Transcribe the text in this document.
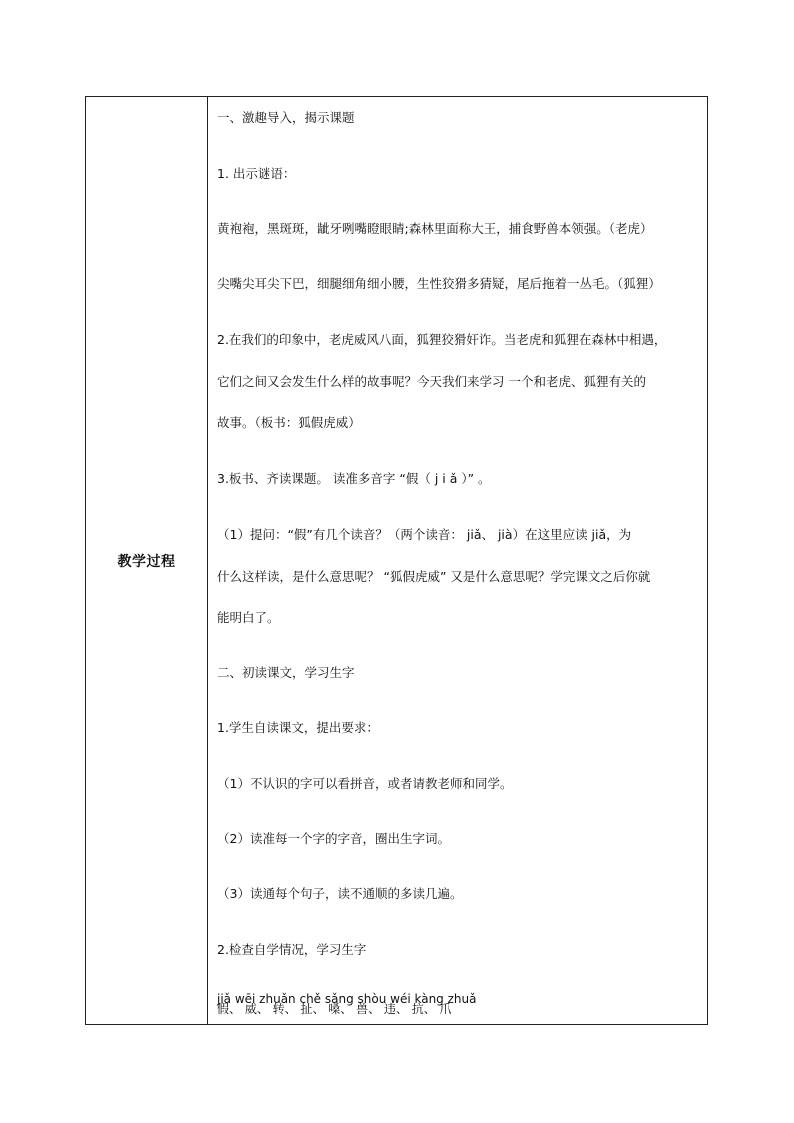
教学过程
一、激趣导入，揭示课题
1. 出示谜语：
黄袍袍，黑斑斑，龇牙咧嘴瞪眼睛;森林里面称大王，捕食野兽本领强。（老虎）
尖嘴尖耳尖下巴，细腿细角细小腰，生性狡猾多猜疑，尾后拖着一丛毛。（狐狸）
2.在我们的印象中，老虎威风八面，狐狸狡猾奸诈。当老虎和狐狸在森林中相遇，
它们之间又会发生什么样的故事呢？今天我们来学习 一个和老虎、狐狸有关的
故事。（板书：狐假虎威）
3.板书、齐读课题。 读准多音字 “假（ j i ǎ ）” 。
（1）提问：“假”有几个读音？（两个读音： jiǎ、 jià）在这里应读 jiǎ，为
什么这样读，是什么意思呢？ “狐假虎威” 又是什么意思呢？学完课文之后你就
能明白了。
二、初读课文，学习生字
1.学生自读课文，提出要求：
（1）不认识的字可以看拼音，或者请教老师和同学。
（2）读准每一个字的字音，圈出生字词。
（3）读通每个句子，读不通顺的多读几遍。
2.检查自学情况，学习生字
jiǎ wēi zhuǎn chě sǎng shòu wéi kàng zhuǎ
假、 威、 转、 扯、 嗓、 兽、 违、 抗、 爪
